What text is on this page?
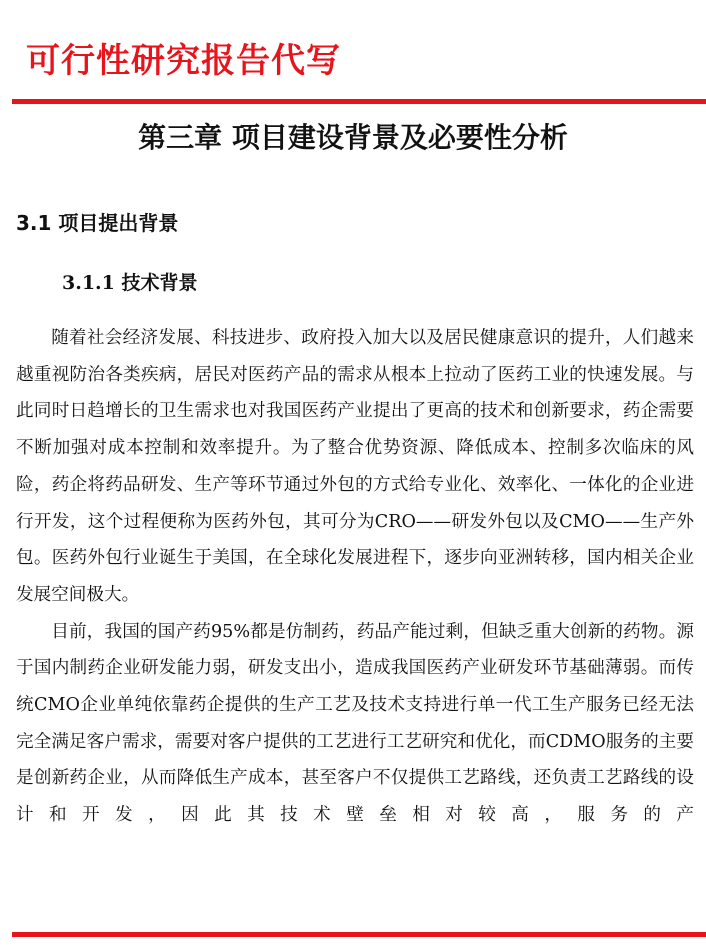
可行性研究报告代写
第三章 项目建设背景及必要性分析
3.1 项目提出背景
3.1.1 技术背景

随着社会经济发展、科技进步、政府投入加大以及居民健康意识的提升，人们越来越重视防治各类疾病，居民对医药产品的需求从根本上拉动了医药工业的快速发展。与此同时日趋增长的卫生需求也对我国医药产业提出了更高的技术和创新要求，药企需要不断加强对成本控制和效率提升。为了整合优势资源、降低成本、控制多次临床的风险，药企将药品研发、生产等环节通过外包的方式给专业化、效率化、一体化的企业进行开发，这个过程便称为医药外包，其可分为CRO——研发外包以及CMO——生产外包。医药外包行业诞生于美国，在全球化发展进程下，逐步向亚洲转移，国内相关企业发展空间极大。

目前，我国的国产药95%都是仿制药，药品产能过剩，但缺乏重大创新的药物。源于国内制药企业研发能力弱，研发支出小，造成我国医药产业研发环节基础薄弱。而传统CMO企业单纯依靠药企提供的生产工艺及技术支持进行单一代工生产服务已经无法完全满足客户需求，需要对客户提供的工艺进行工艺研究和优化，而CDMO服务的主要是创新药企业，从而降低生产成本，甚至客户不仅提供工艺路线，还负责工艺路线的设计和开发，因此其技术壁垒相对较高，服务的产
